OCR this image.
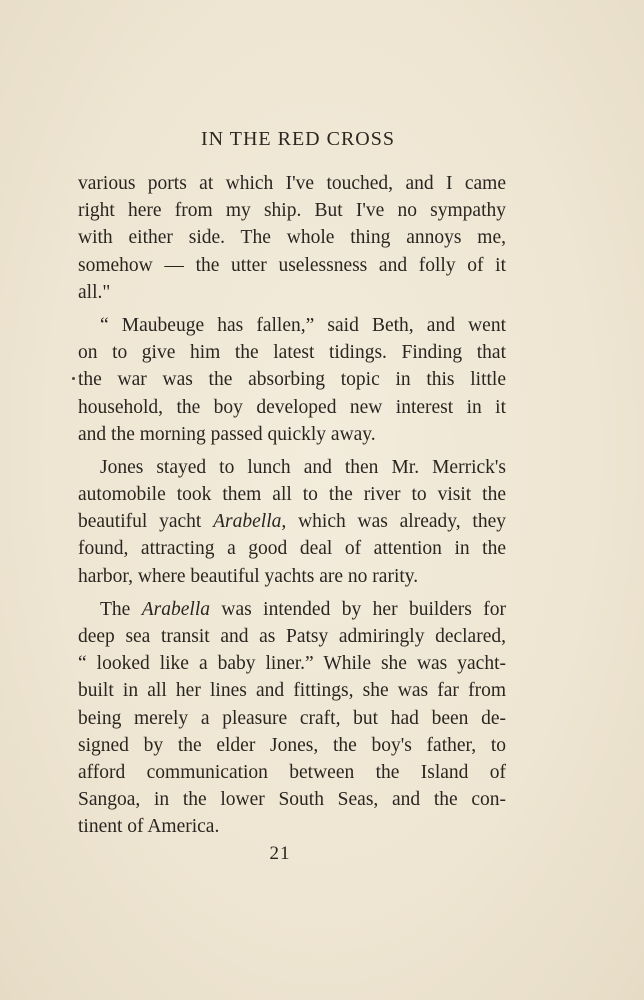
IN THE RED CROSS
various ports at which I've touched, and I came
right here from my ship. But I've no sympathy
with either side. The whole thing annoys me,
somehow — the utter uselessness and folly of it
all."
“ Maubeuge has fallen,” said Beth, and went
on to give him the latest tidings. Finding that
the war was the absorbing topic in this little
household, the boy developed new interest in it
and the morning passed quickly away.
Jones stayed to lunch and then Mr. Merrick's
automobile took them all to the river to visit the
beautiful yacht Arabella, which was already, they
found, attracting a good deal of attention in the
harbor, where beautiful yachts are no rarity.
The Arabella was intended by her builders for
deep sea transit and as Patsy admiringly declared,
“ looked like a baby liner.” While she was yacht-
built in all her lines and fittings, she was far from
being merely a pleasure craft, but had been de-
signed by the elder Jones, the boy's father, to
afford communication between the Island of
Sangoa, in the lower South Seas, and the con-
tinent of America.
21
